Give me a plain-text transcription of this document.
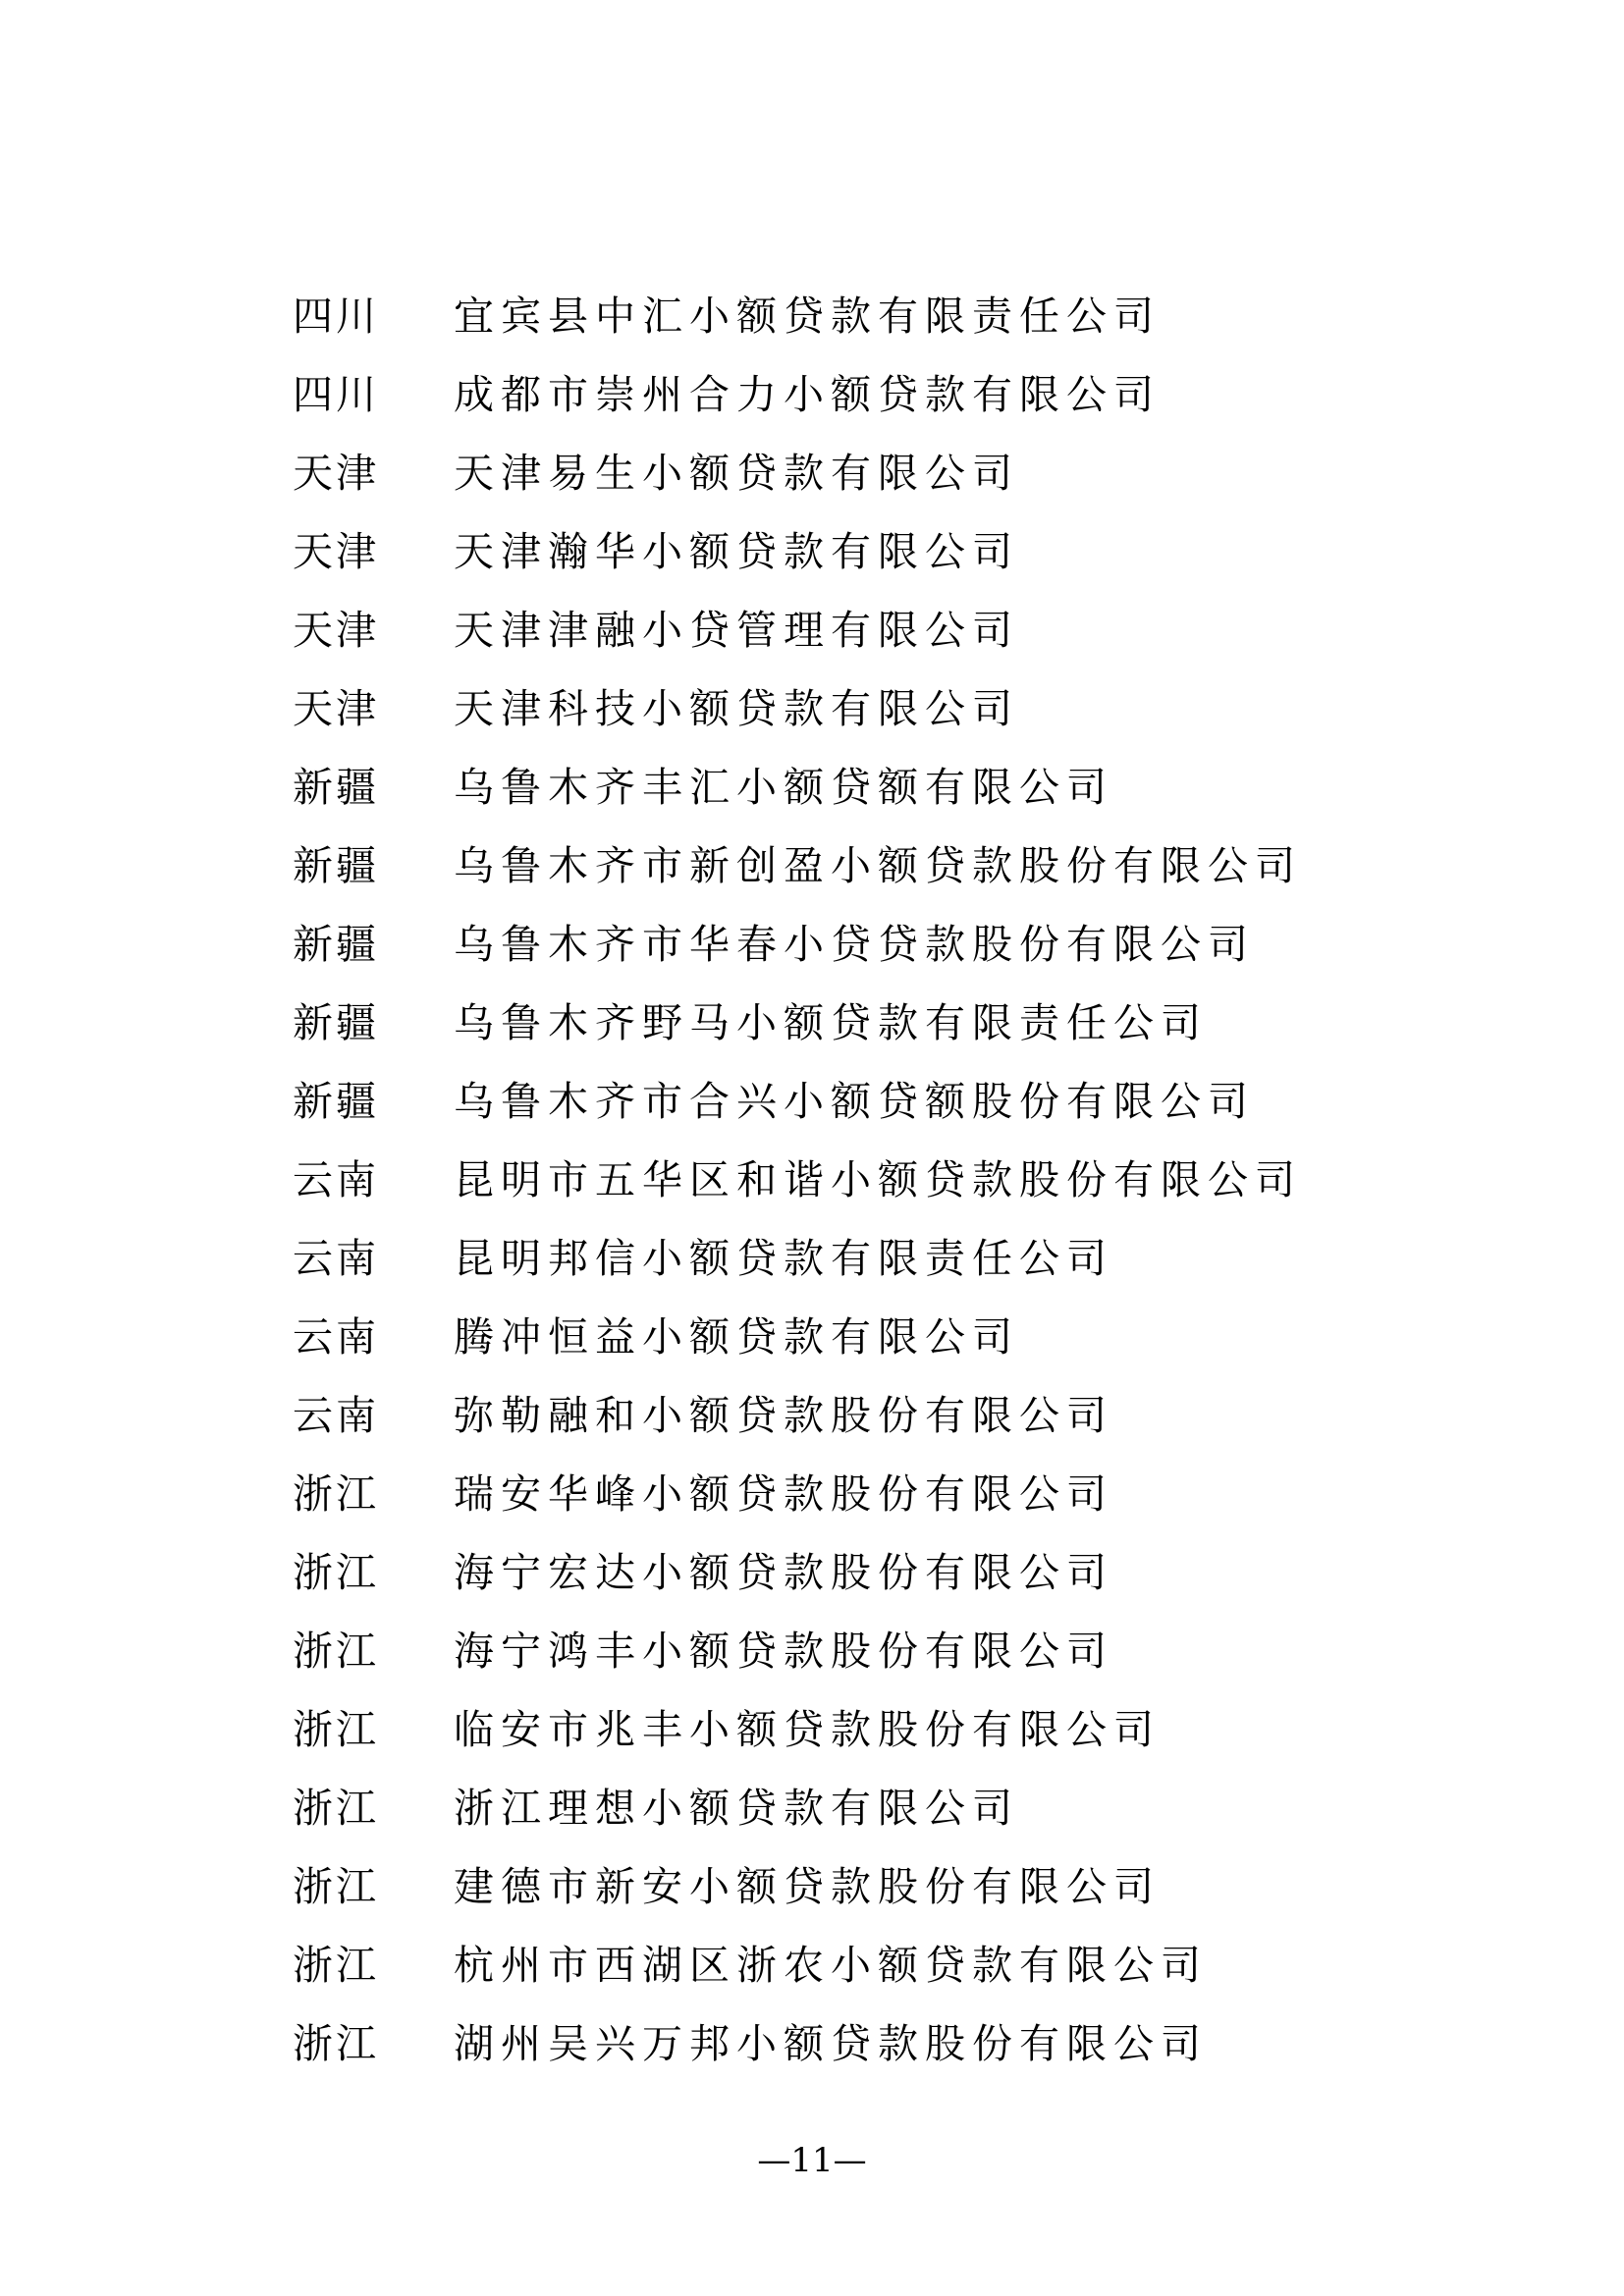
四川	宜宾县中汇小额贷款有限责任公司
四川	成都市崇州合力小额贷款有限公司
天津	天津易生小额贷款有限公司
天津	天津瀚华小额贷款有限公司
天津	天津津融小贷管理有限公司
天津	天津科技小额贷款有限公司
新疆	乌鲁木齐丰汇小额贷额有限公司
新疆	乌鲁木齐市新创盈小额贷款股份有限公司
新疆	乌鲁木齐市华春小贷贷款股份有限公司
新疆	乌鲁木齐野马小额贷款有限责任公司
新疆	乌鲁木齐市合兴小额贷额股份有限公司
云南	昆明市五华区和谐小额贷款股份有限公司
云南	昆明邦信小额贷款有限责任公司
云南	腾冲恒益小额贷款有限公司
云南	弥勒融和小额贷款股份有限公司
浙江	瑞安华峰小额贷款股份有限公司
浙江	海宁宏达小额贷款股份有限公司
浙江	海宁鸿丰小额贷款股份有限公司
浙江	临安市兆丰小额贷款股份有限公司
浙江	浙江理想小额贷款有限公司
浙江	建德市新安小额贷款股份有限公司
浙江	杭州市西湖区浙农小额贷款有限公司
浙江	湖州吴兴万邦小额贷款股份有限公司
—11—
